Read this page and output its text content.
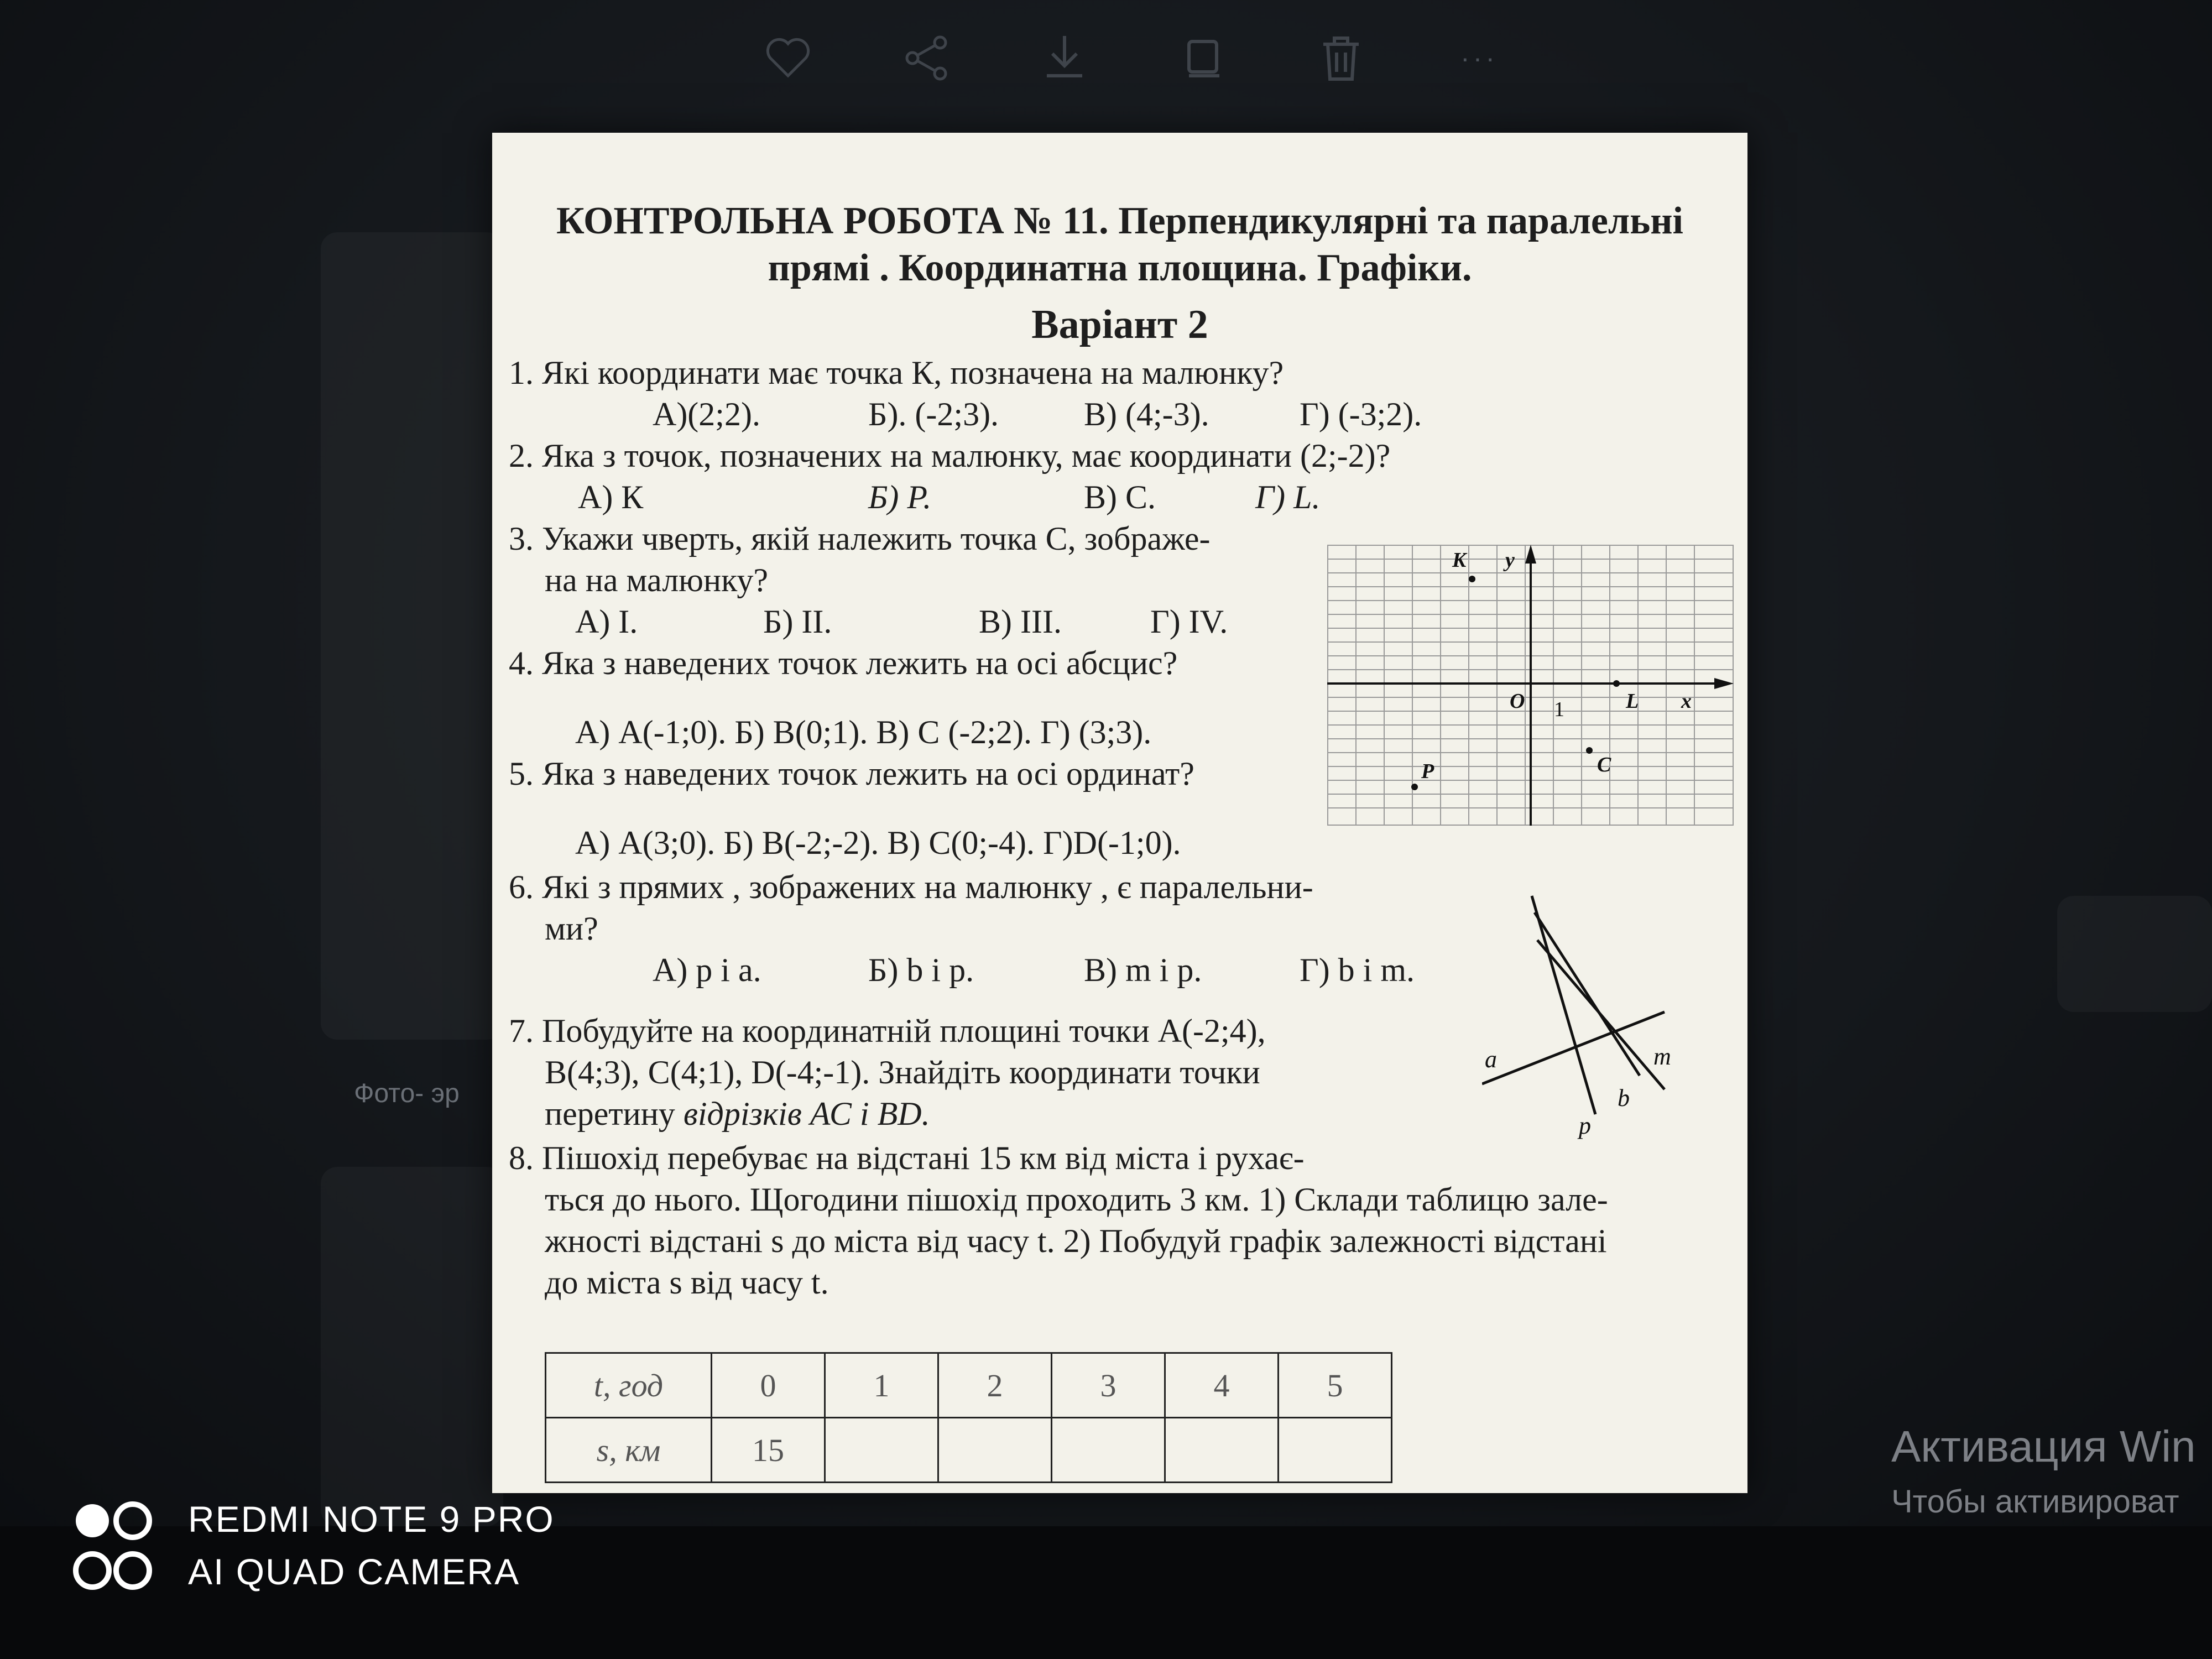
Фото- эр
···
КОНТРОЛЬНА РОБОТА № 11. Перпендикулярні та паралельні
прямі . Координатна площина. Графіки.
Варіант 2
1. Які координати має точка К, позначена на малюнку?
А)(2;2).	Б). (-2;3).	В) (4;-3).	Г) (-3;2).
2. Яка з точок, позначених на малюнку, має координати (2;-2)?
А) К	Б) P.	В) С.	Г) L.
3. Укажи чверть, якій належить точка С, зображе-
на на малюнку?
А) I.	Б) II.	В) III.	Г) IV.
4. Яка з наведених точок лежить на осі абсцис?
А) А(-1;0). Б) В(0;1). В) С (-2;2). Г) (3;3).
5. Яка з наведених точок лежить на осі ординат?
А) А(3;0). Б) В(-2;-2). В) С(0;-4). Г)D(-1;0).
6. Які з прямих , зображених на малюнку , є паралельни-
ми?
А) p i a.	Б) b i p.	В) m i p.	Г) b i m.
7. Побудуйте на координатній площині точки А(-2;4),
В(4;3), С(4;1), D(-4;-1). Знайдіть координати точки
перетину відрізків АС і BD.
8. Пішохід перебуває на відстані 15 км від міста і рухає-
ться до нього. Щогодини пішохід проходить 3 км. 1) Склади таблицю зале-
жності відстані s до міста від часу t. 2) Побудуй графік залежності відстані
до міста s від часу t.
K y
O 1	L x
P	C
a	m
b
p
t, год	0	1	2	3	4	5
s, км	15						Активация Win
Чтобы активироват
REDMI NOTE 9 PRO
AI QUAD CAMERA
